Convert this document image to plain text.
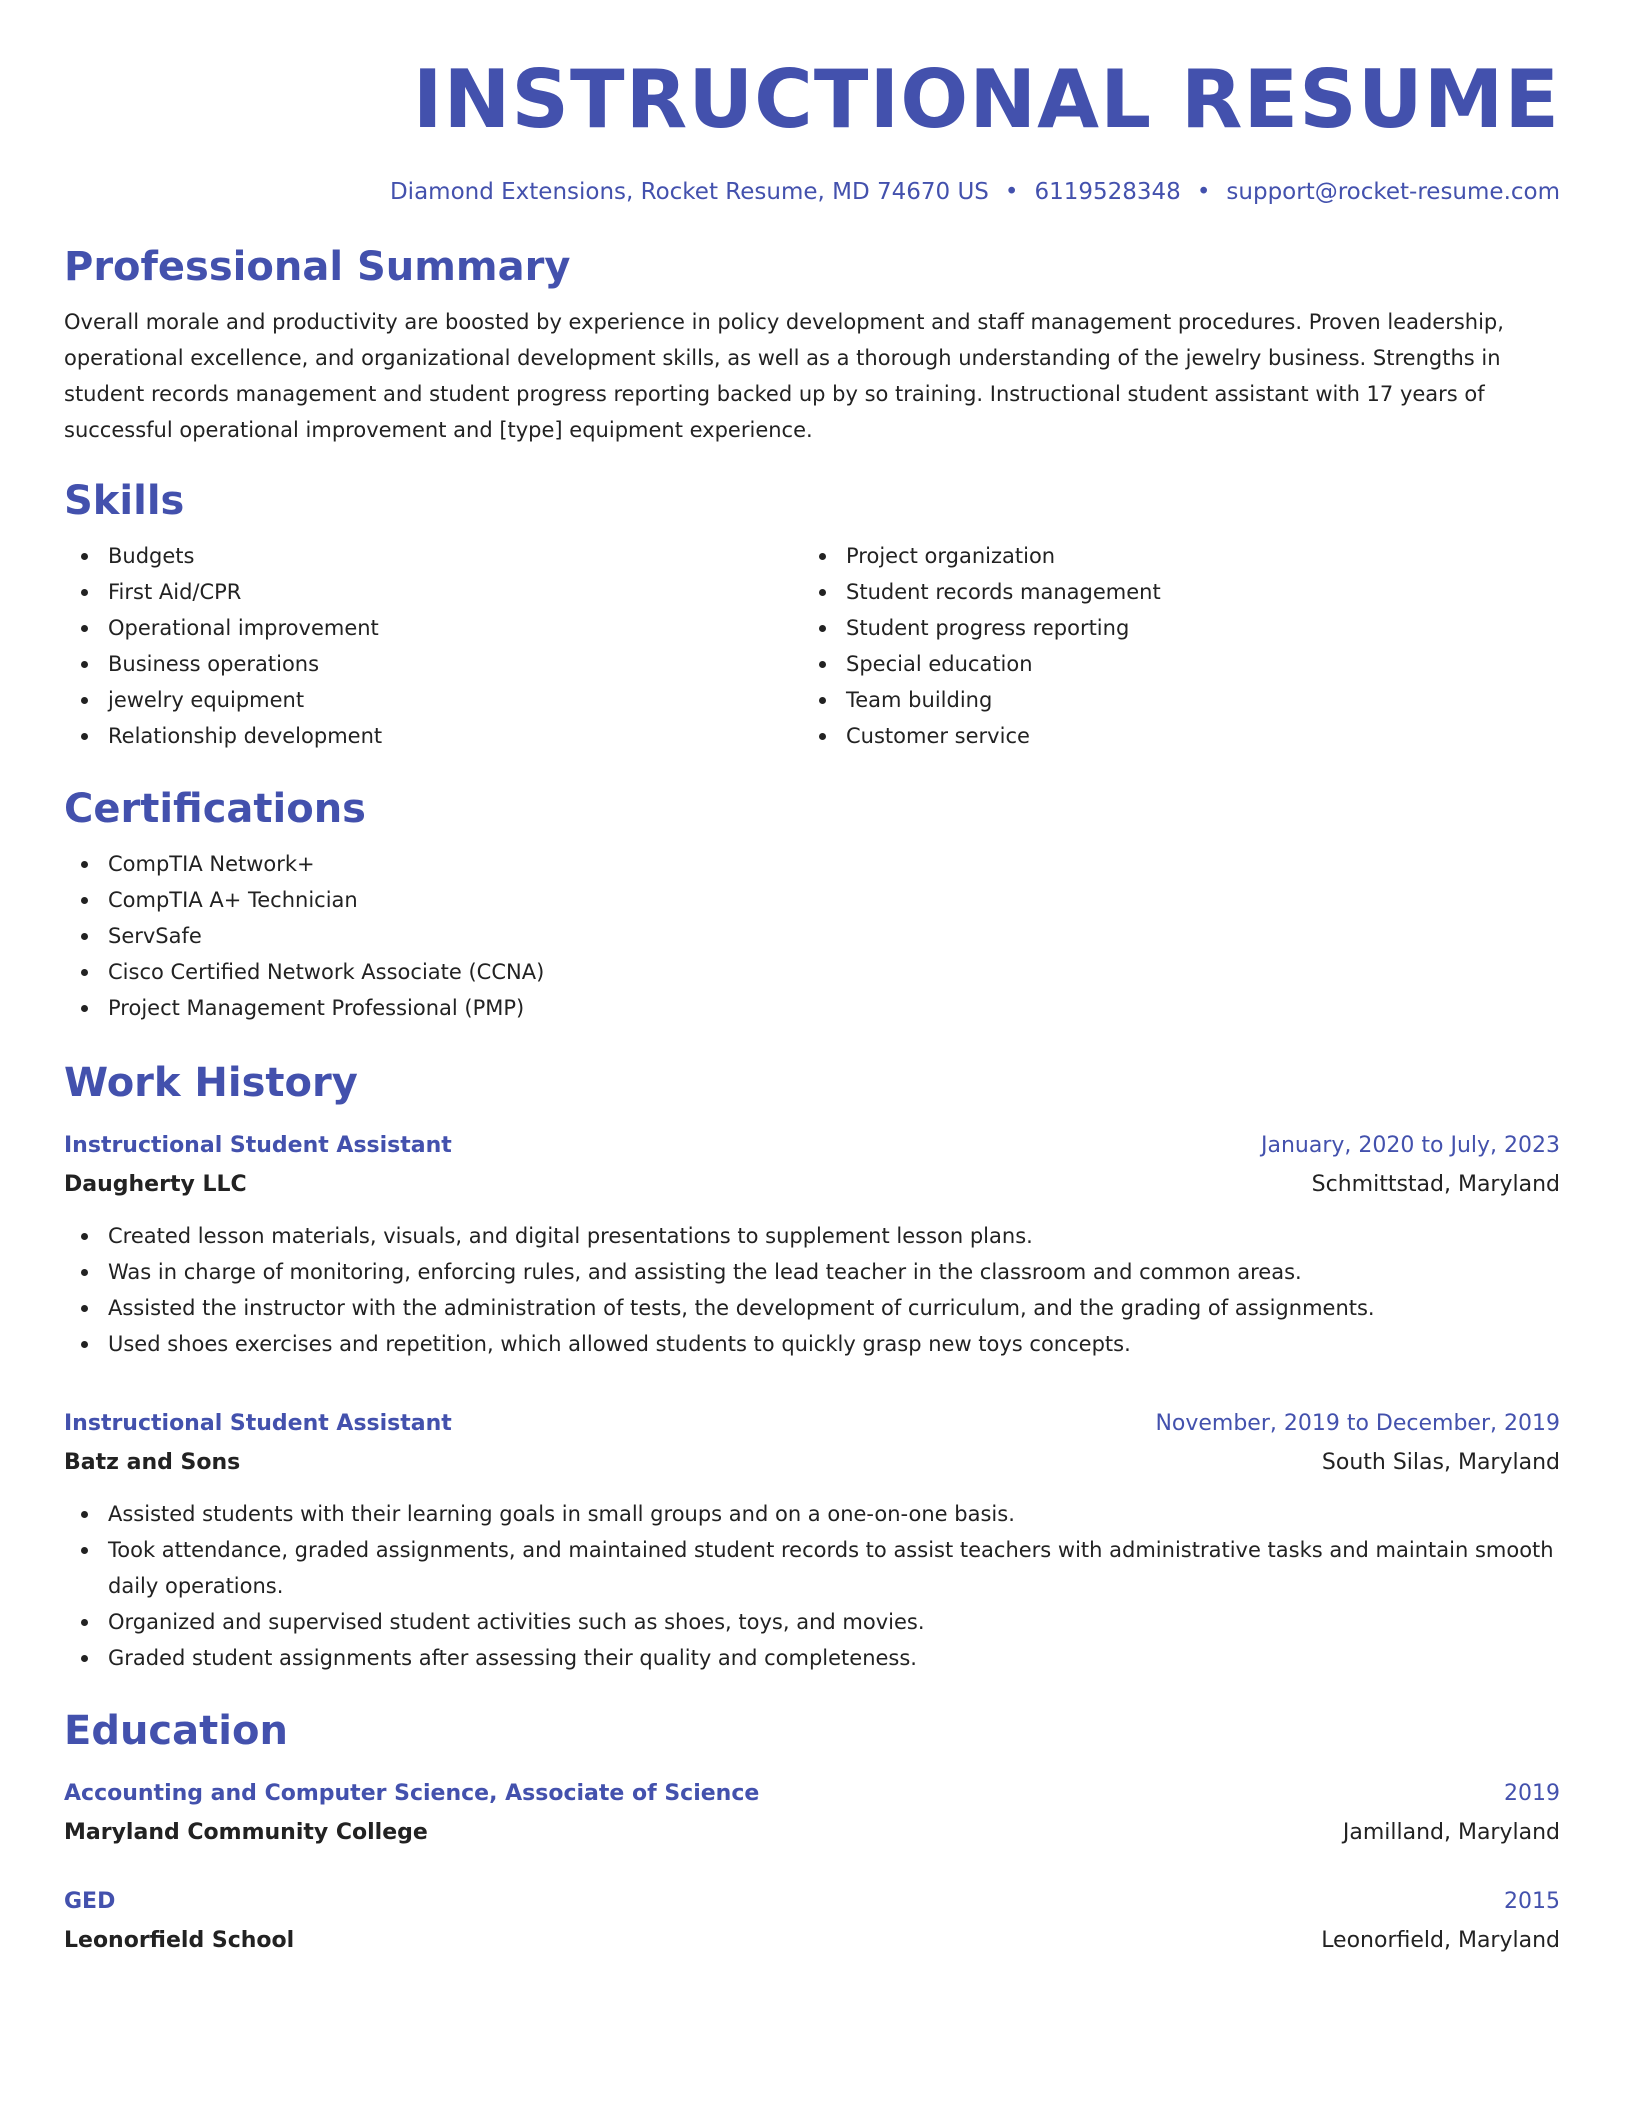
INSTRUCTIONAL RESUME
Diamond Extensions, Rocket Resume, MD 74670 US • 6119528348 • support@rocket-resume.com
Professional Summary
Overall morale and productivity are boosted by experience in policy development and staff management procedures. Proven leadership, operational excellence, and organizational development skills, as well as a thorough understanding of the jewelry business. Strengths in student records management and student progress reporting backed up by so training. Instructional student assistant with 17 years of successful operational improvement and [type] equipment experience.
Skills
Budgets
First Aid/CPR
Operational improvement
Business operations
jewelry equipment
Relationship development
Project organization
Student records management
Student progress reporting
Special education
Team building
Customer service
Certifications
CompTIA Network+
CompTIA A+ Technician
ServSafe
Cisco Certified Network Associate (CCNA)
Project Management Professional (PMP)
Work History
Instructional Student Assistant	January, 2020 to July, 2023
Daugherty LLC	Schmittstad, Maryland
Created lesson materials, visuals, and digital presentations to supplement lesson plans.
Was in charge of monitoring, enforcing rules, and assisting the lead teacher in the classroom and common areas.
Assisted the instructor with the administration of tests, the development of curriculum, and the grading of assignments.
Used shoes exercises and repetition, which allowed students to quickly grasp new toys concepts.
Instructional Student Assistant	November, 2019 to December, 2019
Batz and Sons	South Silas, Maryland
Assisted students with their learning goals in small groups and on a one-on-one basis.
Took attendance, graded assignments, and maintained student records to assist teachers with administrative tasks and maintain smooth daily operations.
Organized and supervised student activities such as shoes, toys, and movies.
Graded student assignments after assessing their quality and completeness.
Education
Accounting and Computer Science, Associate of Science	2019
Maryland Community College	Jamilland, Maryland
GED	2015
Leonorfield School	Leonorfield, Maryland
